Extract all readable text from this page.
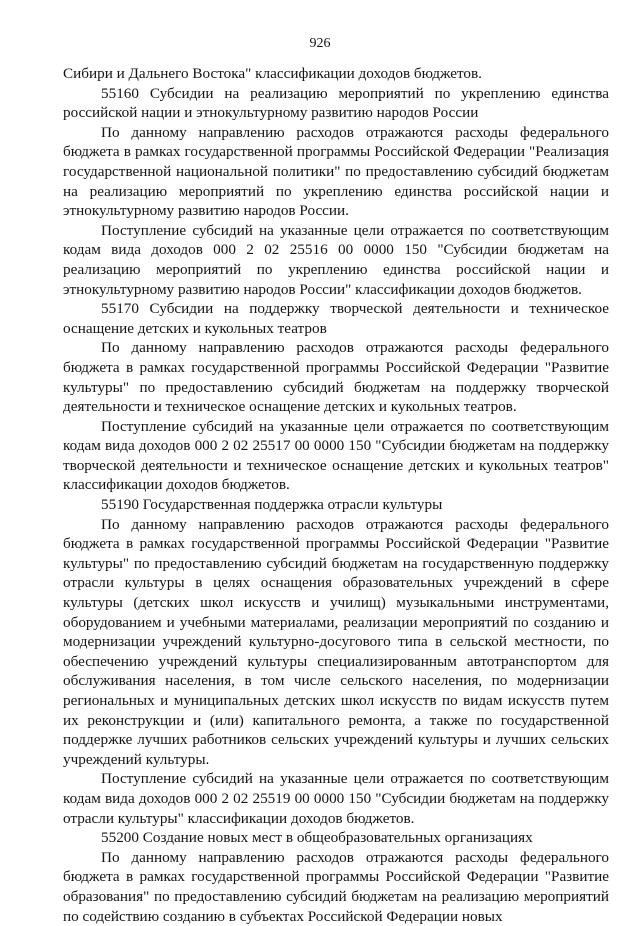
926

Сибири и Дальнего Востока" классификации доходов бюджетов.

55160 Субсидии на реализацию мероприятий по укреплению единства российской нации и этнокультурному развитию народов России

По данному направлению расходов отражаются расходы федерального бюджета в рамках государственной программы Российской Федерации "Реализация государственной национальной политики" по предоставлению субсидий бюджетам на реализацию мероприятий по укреплению единства российской нации и этнокультурному развитию народов России.

Поступление субсидий на указанные цели отражается по соответствующим кодам вида доходов 000 2 02 25516 00 0000 150 "Субсидии бюджетам на реализацию мероприятий по укреплению единства российской нации и этнокультурному развитию народов России" классификации доходов бюджетов.

55170 Субсидии на поддержку творческой деятельности и техническое оснащение детских и кукольных театров

По данному направлению расходов отражаются расходы федерального бюджета в рамках государственной программы Российской Федерации "Развитие культуры" по предоставлению субсидий бюджетам на поддержку творческой деятельности и техническое оснащение детских и кукольных театров.

Поступление субсидий на указанные цели отражается по соответствующим кодам вида доходов 000 2 02 25517 00 0000 150 "Субсидии бюджетам на поддержку творческой деятельности и техническое оснащение детских и кукольных театров" классификации доходов бюджетов.

55190 Государственная поддержка отрасли культуры

По данному направлению расходов отражаются расходы федерального бюджета в рамках государственной программы Российской Федерации "Развитие культуры" по предоставлению субсидий бюджетам на государственную поддержку отрасли культуры в целях оснащения образовательных учреждений в сфере культуры (детских школ искусств и училищ) музыкальными инструментами, оборудованием и учебными материалами, реализации мероприятий по созданию и модернизации учреждений культурно-досугового типа в сельской местности, по обеспечению учреждений культуры специализированным автотранспортом для обслуживания населения, в том числе сельского населения, по модернизации региональных и муниципальных детских школ искусств по видам искусств путем их реконструкции и (или) капитального ремонта, а также по государственной поддержке лучших работников сельских учреждений культуры и лучших сельских учреждений культуры.

Поступление субсидий на указанные цели отражается по соответствующим кодам вида доходов 000 2 02 25519 00 0000 150 "Субсидии бюджетам на поддержку отрасли культуры" классификации доходов бюджетов.

55200 Создание новых мест в общеобразовательных организациях

По данному направлению расходов отражаются расходы федерального бюджета в рамках государственной программы Российской Федерации "Развитие образования" по предоставлению субсидий бюджетам на реализацию мероприятий по содействию созданию в субъектах Российской Федерации новых
